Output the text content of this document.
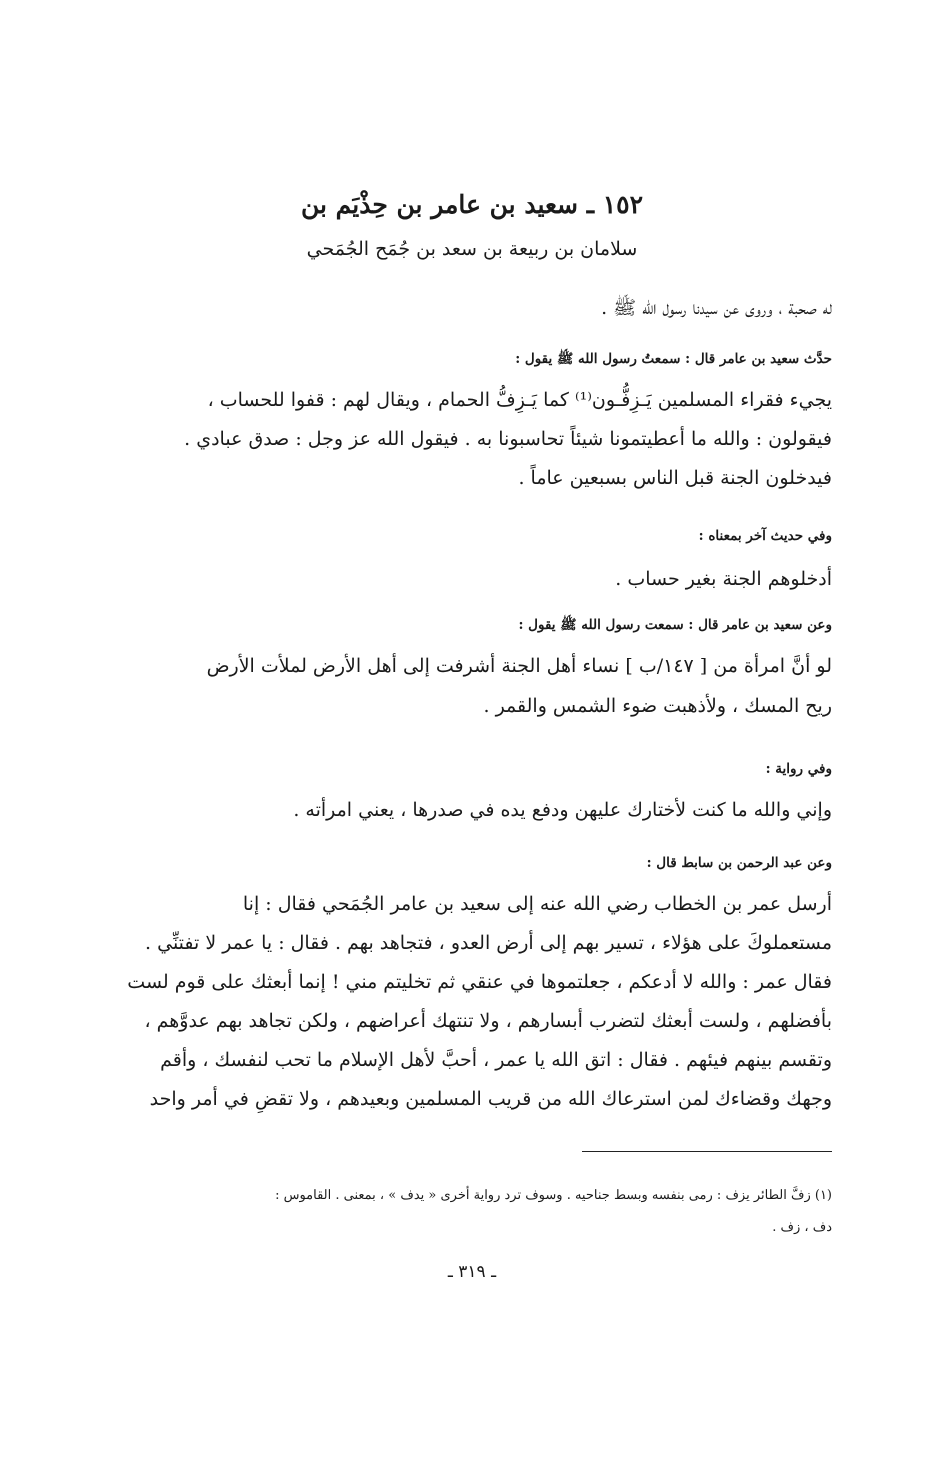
١٥٢ ـ سعيد بن عامر بن حِذْيَم بن
سلامان بن ربيعة بن سعد بن جُمَح الجُمَحي
له صحبة ، وروى عن سيدنا رسول الله ﷺ .
حدَّث سعيد بن عامر قال : سمعتُ رسول الله ﷺ يقول :
يجيء فقراء المسلمين يَـزِفُّـون⁽¹⁾ كما يَـزِفُّ الحمام ، ويقال لهم : قفوا للحساب ،
فيقولون : والله ما أعطيتمونا شيئاً تحاسبونا به . فيقول الله عز وجل : صدق عبادي .
فيدخلون الجنة قبل الناس بسبعين عاماً .
وفي حديث آخر بمعناه :
أدخلوهم الجنة بغير حساب .
وعن سعيد بن عامر قال : سمعت رسول الله ﷺ يقول :
لو أنَّ امرأة من [ ١٤٧/ب ] نساء أهل الجنة أشرفت إلى أهل الأرض لملأت الأرض
ريح المسك ، ولأذهبت ضوء الشمس والقمر .
وفي رواية :
وإني والله ما كنت لأختارك عليهن ودفع يده في صدرها ، يعني امرأته .
وعن عبد الرحمن بن سابط قال :
أرسل عمر بن الخطاب رضي الله عنه إلى سعيد بن عامر الجُمَحي فقال : إنا
مستعملوكَ على هؤلاء ، تسير بهم إلى أرض العدو ، فتجاهد بهم . فقال : يا عمر لا تفتنِّي .
فقال عمر : والله لا أدعكم ، جعلتموها في عنقي ثم تخليتم مني ! إنما أبعثك على قوم لست
بأفضلهم ، ولست أبعثك لتضرب أبسارهم ، ولا تنتهك أعراضهم ، ولكن تجاهد بهم عدوَّهم ،
وتقسم بينهم فيئهم . فقال : اتق الله يا عمر ، أحبَّ لأهل الإسلام ما تحب لنفسك ، وأقم
وجهك وقضاءك لمن استرعاك الله من قريب المسلمين وبعيدهم ، ولا تقضِ في أمر واحد
(١) زفَّ الطائر يزف : رمى بنفسه وبسط جناحيه . وسوف ترد رواية أخرى « يدف » ، بمعنى . القاموس :
دف ، زف .
ـ ٣١٩ ـ
